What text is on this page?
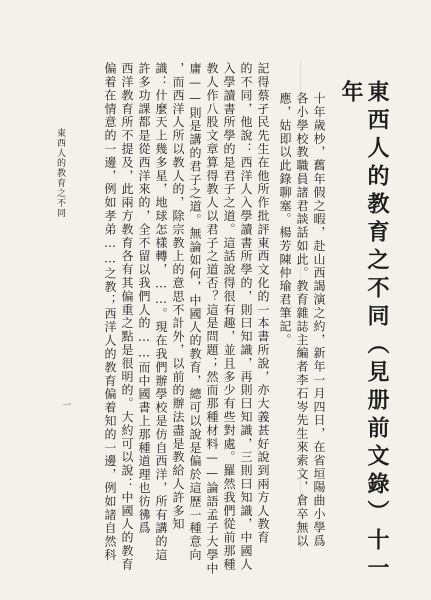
東西人的教育之不同（見册前文錄）十一年
十年歲杪，舊年假之暇，赴山西謁演之約，新年一月四日，在省垣陽曲小學爲
各小學校教職員諸君談話如此。教育雜誌主編者李石岑先生來索文，倉卒無以
應，姑即以此錄聊塞。楊芳陳仲瑜君筆記。
記得蔡孑民先生在他所作批評東西文化的一本書所說，亦大義甚好說到兩方人教育
的不同，他說：西洋人入學讀書所學的，則曰知識，再則曰知識，三則曰知識，中國人
入學讀書所學的是君子之道。這話說得很有趣，並且多少有些對處。羅然我們從前那種
教人作八股文章算得教人以君子之道否？這是問題；然而那種材料——論語孟子大學中
庸——則是講的君子之道。無論如何，中國人的教育，總可以說是偏於這歷一種意向
，而西洋人所以教人的，除宗教上的意思不計外，以前的辦法盡是教給人許多知
識：什麼天上幾多星，地球怎樣轉，……。現在我們辦學校是仿自西洋，所有講的這
許多功課都是從西洋來的，全不留以我們人的……而中國書上那種道理也彷彿爲
西洋教育所不提及，此兩方教育各有其偏重之點是很明的。大約可以說：中國人的教育
偏着在情意的一邊，例如孝弟……之教；西洋人的教育偏着知的一邊，例如諸自然科
東西人的教育之不同
一
